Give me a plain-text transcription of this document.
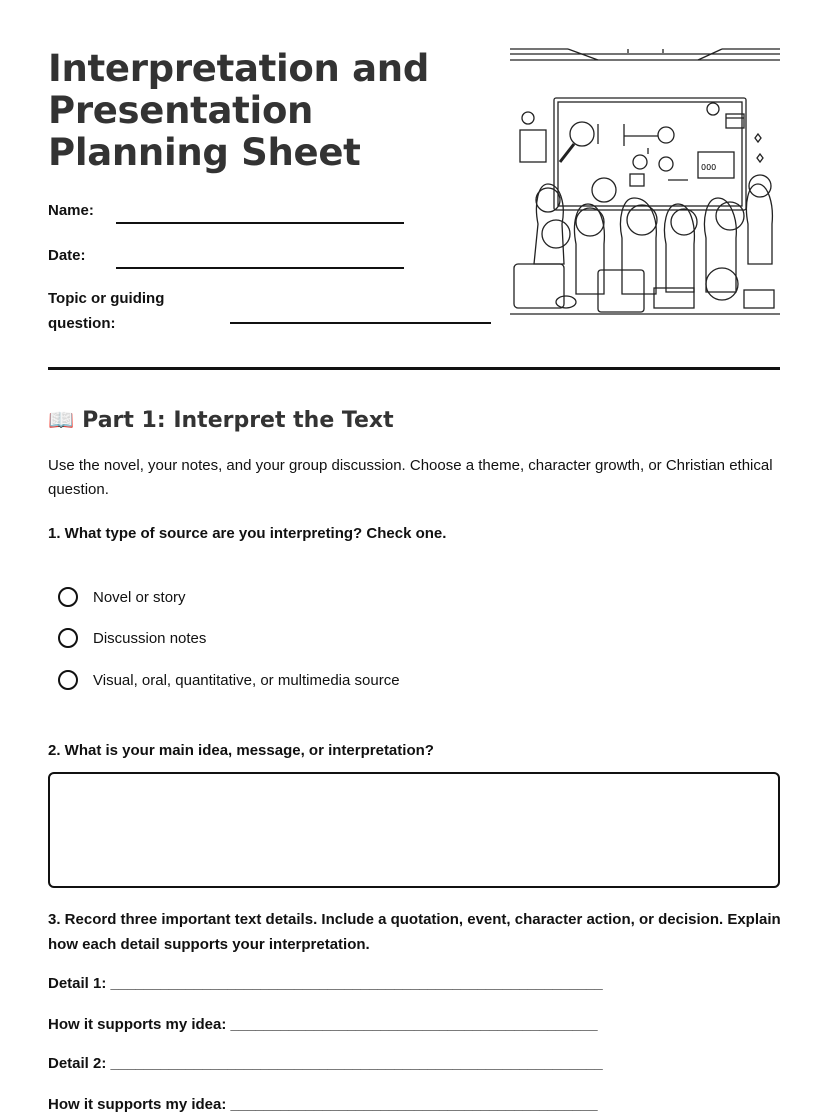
Interpretation and Presentation Planning Sheet
Name:
Date:
Topic or guiding question:
000
📖 Part 1: Interpret the Text

Use the novel, your notes, and your group discussion. Choose a theme, character growth, or Christian ethical question.

1. What type of source are you interpreting? Check one.

Novel or story
Discussion notes
Visual, oral, quantitative, or multimedia source

2. What is your main idea, message, or interpretation?

3. Record three important text details. Include a quotation, event, character action, or decision. Explain how each detail supports your interpretation.

Detail 1: ___________________________________________________________
How it supports my idea: ____________________________________________
Detail 2: ___________________________________________________________
How it supports my idea: ____________________________________________
